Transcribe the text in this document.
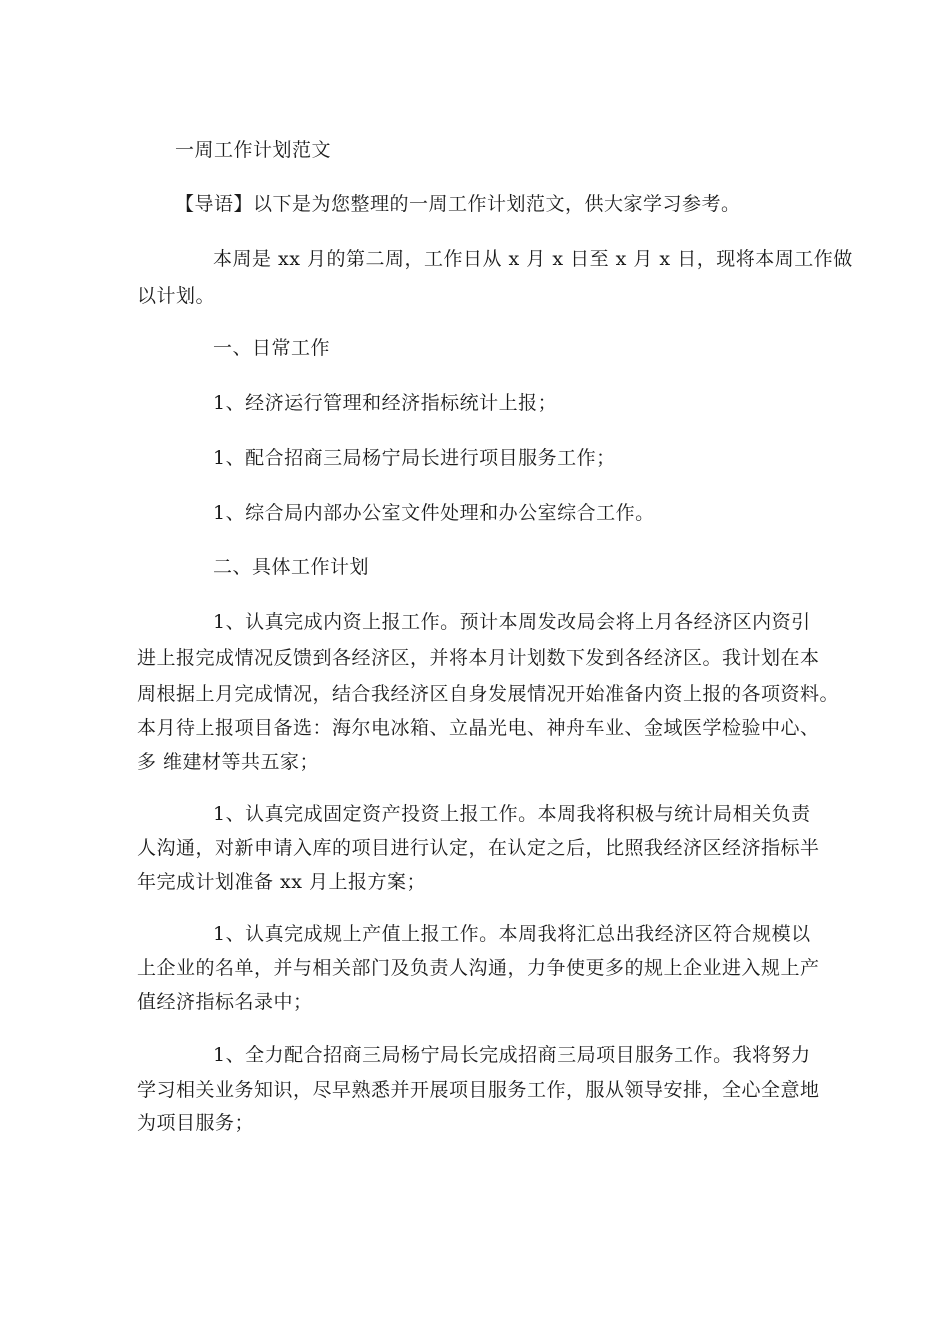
一周工作计划范文
【导语】以下是为您整理的一周工作计划范文，供大家学习参考。
本周是 xx 月的第二周，工作日从 x 月 x 日至 x 月 x 日，现将本周工作做
以计划。
一、日常工作
1、经济运行管理和经济指标统计上报；
1、配合招商三局杨宁局长进行项目服务工作；
1、综合局内部办公室文件处理和办公室综合工作。
二、具体工作计划
1、认真完成内资上报工作。预计本周发改局会将上月各经济区内资引
进上报完成情况反馈到各经济区，并将本月计划数下发到各经济区。我计划在本
周根据上月完成情况，结合我经济区自身发展情况开始准备内资上报的各项资料。
本月待上报项目备选：海尔电冰箱、立晶光电、神舟车业、金域医学检验中心、
多 维建材等共五家；
1、认真完成固定资产投资上报工作。本周我将积极与统计局相关负责
人沟通，对新申请入库的项目进行认定，在认定之后，比照我经济区经济指标半
年完成计划准备 xx 月上报方案；
1、认真完成规上产值上报工作。本周我将汇总出我经济区符合规模以
上企业的名单，并与相关部门及负责人沟通，力争使更多的规上企业进入规上产
值经济指标名录中；
1、全力配合招商三局杨宁局长完成招商三局项目服务工作。我将努力
学习相关业务知识，尽早熟悉并开展项目服务工作，服从领导安排，全心全意地
为项目服务；
